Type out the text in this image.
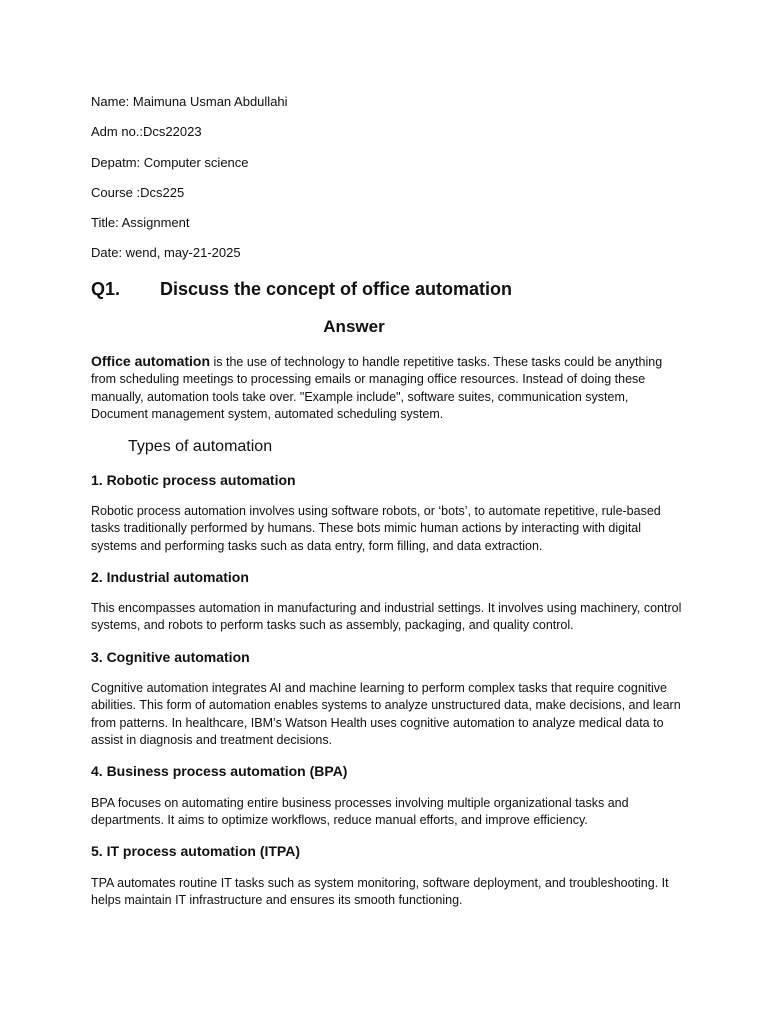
Name: Maimuna Usman Abdullahi
Adm no.:Dcs22023
Depatm: Computer science
Course :Dcs225
Title: Assignment
Date: wend, may-21-2025
Q1. Discuss the concept of office automation
Answer

Office automation is the use of technology to handle repetitive tasks. These tasks could be anything from scheduling meetings to processing emails or managing office resources. Instead of doing these manually, automation tools take over. "Example include", software suites, communication system, Document management system, automated scheduling system.

Types of automation
1. Robotic process automation

Robotic process automation involves using software robots, or ‘bots’, to automate repetitive, rule-based tasks traditionally performed by humans. These bots mimic human actions by interacting with digital systems and performing tasks such as data entry, form filling, and data extraction.

2. Industrial automation

This encompasses automation in manufacturing and industrial settings. It involves using machinery, control systems, and robots to perform tasks such as assembly, packaging, and quality control.

3. Cognitive automation

Cognitive automation integrates AI and machine learning to perform complex tasks that require cognitive abilities. This form of automation enables systems to analyze unstructured data, make decisions, and learn from patterns. In healthcare, IBM’s Watson Health uses cognitive automation to analyze medical data to assist in diagnosis and treatment decisions.

4. Business process automation (BPA)

BPA focuses on automating entire business processes involving multiple organizational tasks and departments. It aims to optimize workflows, reduce manual efforts, and improve efficiency.

5. IT process automation (ITPA)

TPA automates routine IT tasks such as system monitoring, software deployment, and troubleshooting. It helps maintain IT infrastructure and ensures its smooth functioning.
